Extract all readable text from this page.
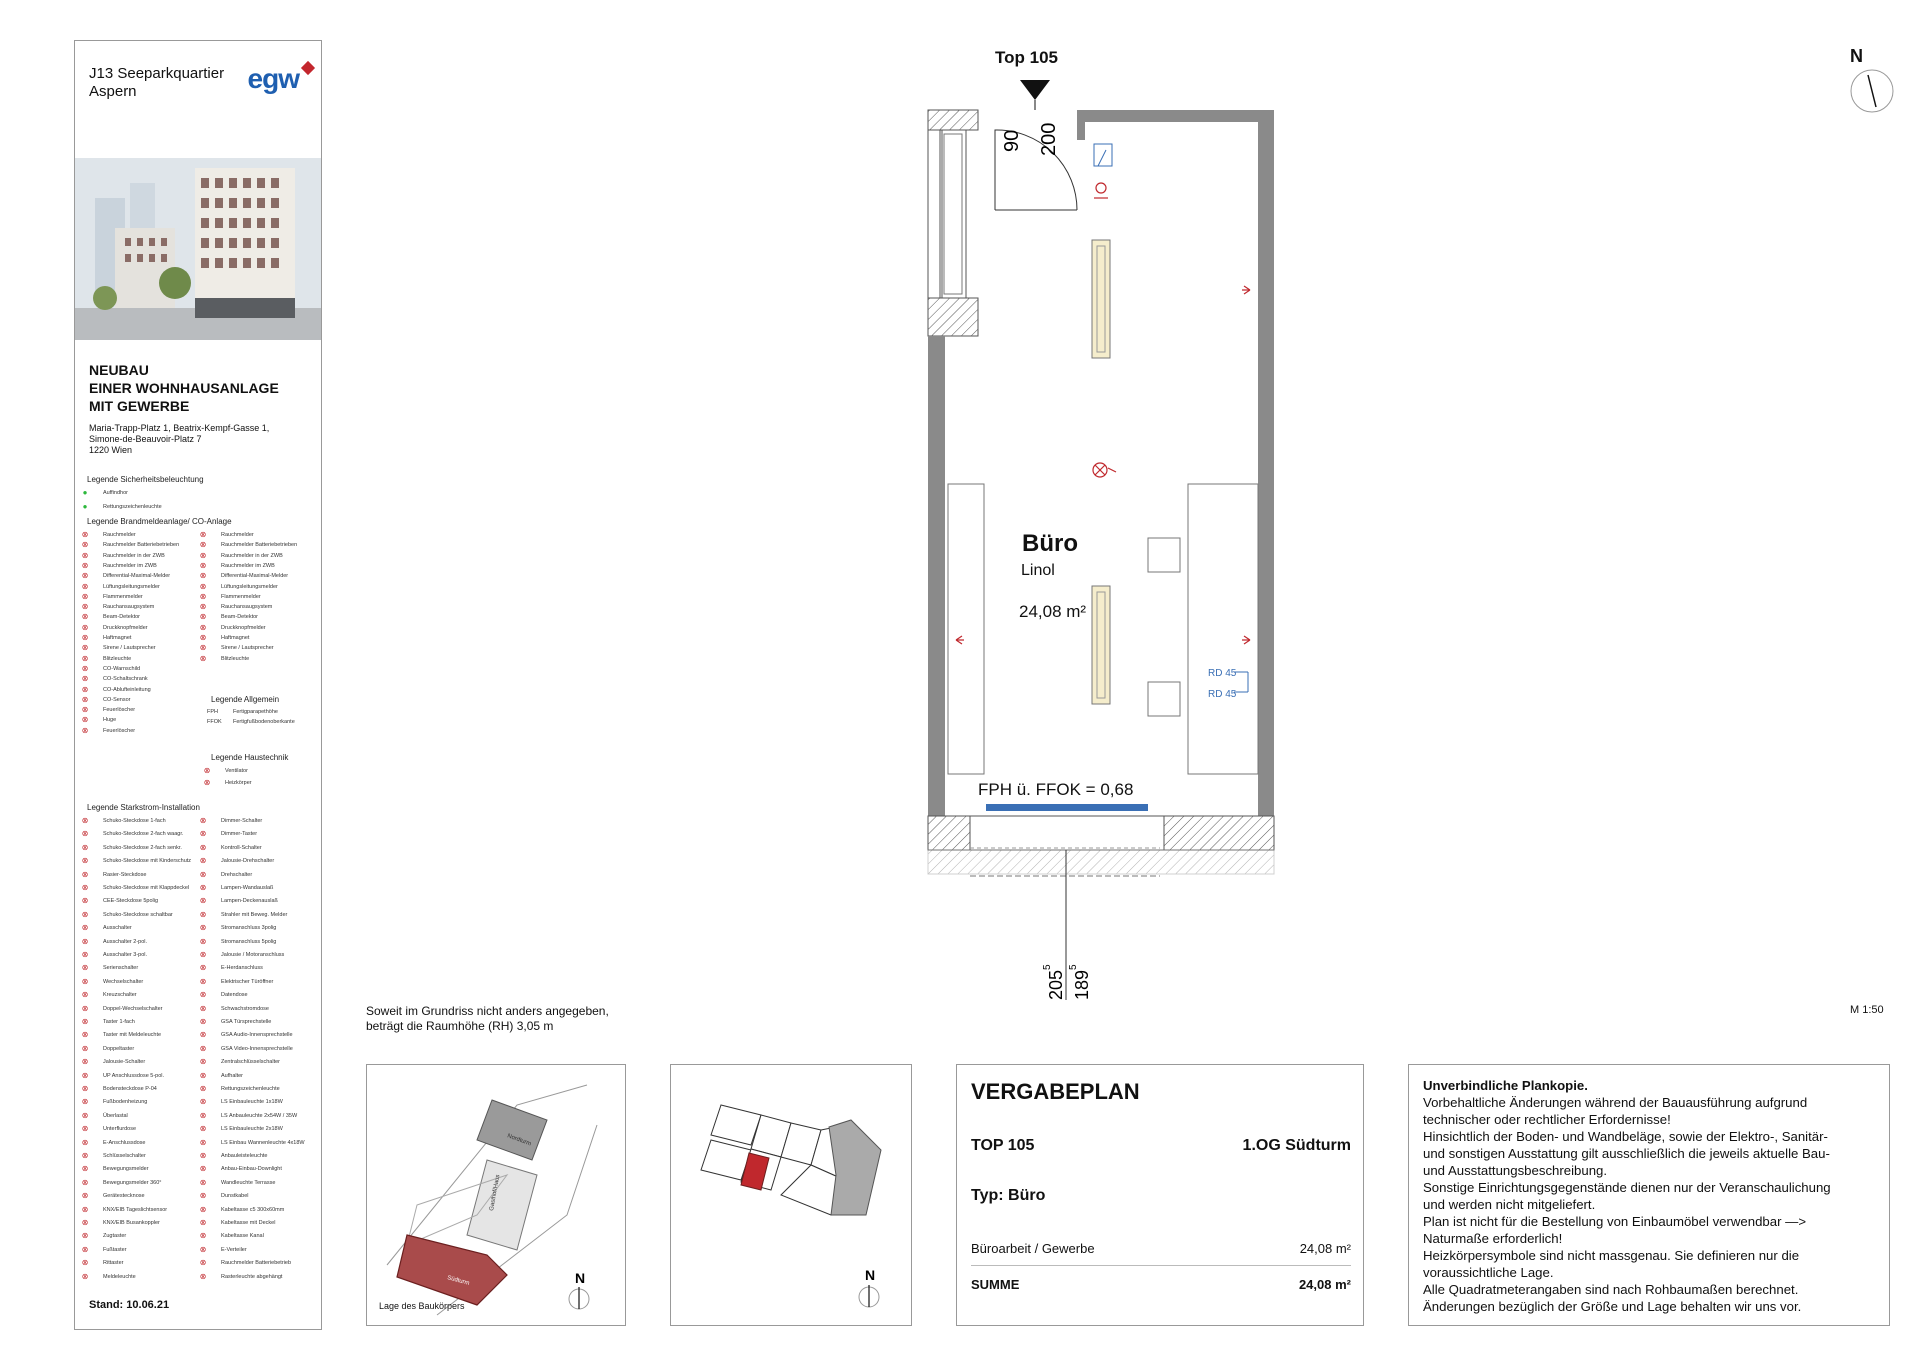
J13 Seeparkquartier
Aspern	egw
NEUBAU
EINER WOHNHAUSANLAGE
MIT GEWERBE
Maria-Trapp-Platz 1, Beatrix-Kempf-Gasse 1,
Simone-de-Beauvoir-Platz 7
1220 Wien
Stand: 10.06.21
Legende Sicherheitsbeleuchtung
●	Auffindhor
●	Rettungszeichenleuchte
Legende Brandmeldeanlage/ CO-Anlage
⊗	Rauchmelder
⊗	Rauchmelder Batteriebetrieben
⊗	Rauchmelder in der ZWB
⊗	Rauchmelder im ZWB
⊗	Differential-Maximal-Melder
⊗	Lüftungsleitungsmelder
⊗	Flammenmelder
⊗	Rauchansaugsystem
⊗	Beam-Detektor
⊗	Druckknopfmelder
⊗	Haftmagnet
⊗	Sirene / Lautsprecher
⊗	Blitzleuchte
⊗	CO-Warnschild
⊗	CO-Schaltschrank
⊗	CO-Ablufteinleitung
⊗	CO-Sensor
⊗	Feuerlöscher
⊗	Huge
⊗	Feuerlöscher
⊗	Rauchmelder
⊗	Rauchmelder Batteriebetrieben
⊗	Rauchmelder in der ZWB
⊗	Rauchmelder im ZWB
⊗	Differential-Maximal-Melder
⊗	Lüftungsleitungsmelder
⊗	Flammenmelder
⊗	Rauchansaugsystem
⊗	Beam-Detektor
⊗	Druckknopfmelder
⊗	Haftmagnet
⊗	Sirene / Lautsprecher
⊗	Blitzleuchte
Legende Allgemein
FPH	Fertigparapethöhe
FFOK Fertigfußbodenoberkante
Legende Haustechnik
⊗	Ventilator
⊗	Heizkörper
Legende Starkstrom-Installation
⊗	Schuko-Steckdose 1-fach
⊗	Schuko-Steckdose 2-fach waagr.
⊗	Schuko-Steckdose 2-fach senkr.
⊗	Schuko-Steckdose mit Kinderschutz
⊗	Rasier-Steckdose
⊗	Schuko-Steckdose mit Klappdeckel
⊗	CEE-Steckdose 5polig
⊗	Schuko-Steckdose schaltbar
⊗	Ausschalter
⊗	Ausschalter 2-pol.
⊗	Ausschalter 3-pol.
⊗	Serienschalter
⊗	Wechselschalter
⊗	Kreuzschalter
⊗	Doppel-Wechselschalter
⊗	Taster 1-fach
⊗	Taster mit Meldeleuchte
⊗	Doppeltaster
⊗	Jalousie-Schalter
⊗	UP Anschlussdose 5-pol.
⊗	Bodensteckdose P-04
⊗	Fußbodenheizung
⊗	Überlastal
⊗	Unterflurdose
⊗	E-Anschlussdose
⊗	Schlüsselschalter
⊗	Bewegungsmelder
⊗	Bewegungsmelder 360°
⊗	Gerätestecknose
⊗	KNX/EIB Tageslichtsensor
⊗	KNX/EIB Busankoppler
⊗	Zugtaster
⊗	Fußtaster
⊗	Rittaster
⊗	Meldeleuchte
⊗	Dimmer-Schalter
⊗	Dimmer-Taster
⊗	Kontroll-Schalter
⊗	Jalousie-Drehschalter
⊗	Drehschalter
⊗	Lampen-Wandauslaß
⊗	Lampen-Deckenauslaß
⊗	Strahler mit Beweg. Melder
⊗	Stromanschluss 3polig
⊗	Stromanschluss 5polig
⊗	Jalousie / Motoranschluss
⊗	E-Herdanschluss
⊗	Elektrischer Türöffner
⊗	Datendose
⊗	Schwachstromdose
⊗	GSA Türsprechstelle
⊗	GSA Audio-Innensprechstelle
⊗	GSA Video-Innensprechstelle
⊗	Zentralschlüsselschalter
⊗	Aufhalter
⊗	Rettungszeichenleuchte
⊗	LS Einbauleuchte 1x18W
⊗	LS Anbauleuchte 2x54W / 35W
⊗	LS Einbauleuchte 2x18W
⊗	LS Einbau Wannenleuchte 4x18W
⊗	Anbauleisteleuchte
⊗	Anbau-Einbau-Downlight
⊗	Wandleuchte Terrasse
⊗	Dunstkabel
⊗	Kabeltasse c5 300x60mm
⊗	Kabeltasse mit Deckel
⊗	Kabeltasse Kanal
⊗	E-Verteiler
⊗	Rauchmelder Batteriebetrieb
⊗	Rasterleuchte abgehängt
Top 105	N
M 1:50
90 200
205
5
189
5
Büro
Linol
24,08 m²
FPH ü. FFOK = 0,68
RD 45
RD 45
Soweit im Grundriss nicht anders angegeben,
beträgt die Raumhöhe (RH) 3,05 m
Nordturm
Gasthof/Haus
Südturm	N
Lage des Baukörpers
N
VERGABEPLAN
TOP 105	1.OG Südturm
Typ: Büro
Büroarbeit / Gewerbe	24,08 m²
SUMME	24,08 m²
Unverbindliche Plankopie.
Vorbehaltliche Änderungen während der Bauausführung aufgrund
technischer oder rechtlicher Erfordernisse!
Hinsichtlich der Boden- und Wandbeläge, sowie der Elektro-, Sanitär-
und sonstigen Ausstattung gilt ausschließlich die jeweils aktuelle Bau-
und Ausstattungsbeschreibung.
Sonstige Einrichtungsgegenstände dienen nur der Veranschaulichung
und werden nicht mitgeliefert.
Plan ist nicht für die Bestellung von Einbaumöbel verwendbar —>
Naturmaße erforderlich!
Heizkörpersymbole sind nicht massgenau. Sie definieren nur die
voraussichtliche Lage.
Alle Quadratmeterangaben sind nach Rohbaumaßen berechnet.
Änderungen bezüglich der Größe und Lage behalten wir uns vor.
